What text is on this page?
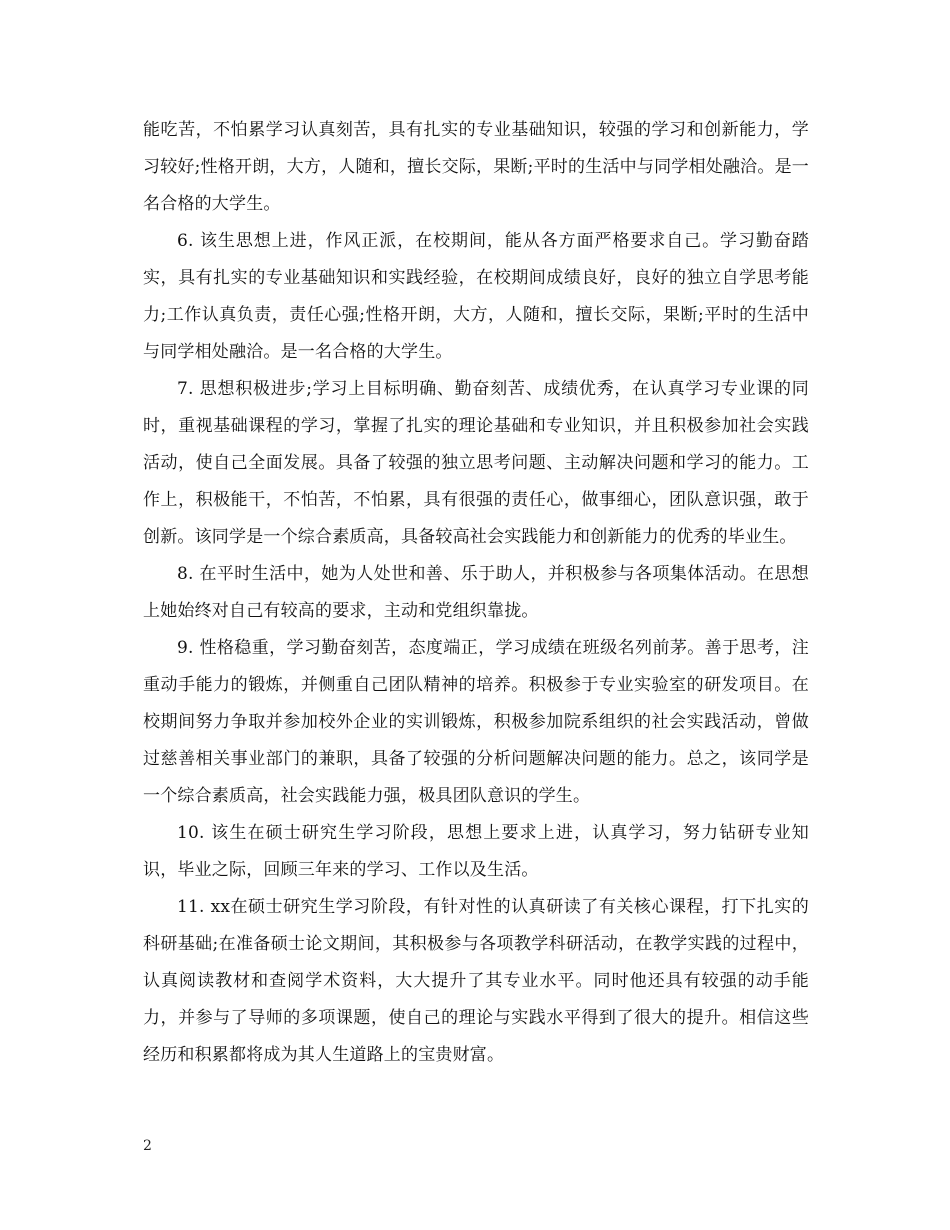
能吃苦，不怕累学习认真刻苦，具有扎实的专业基础知识，较强的学习和创新能力，学习较好;性格开朗，大方，人随和，擅长交际，果断;平时的生活中与同学相处融洽。是一名合格的大学生。

6. 该生思想上进，作风正派，在校期间，能从各方面严格要求自己。学习勤奋踏实，具有扎实的专业基础知识和实践经验，在校期间成绩良好，良好的独立自学思考能力;工作认真负责，责任心强;性格开朗，大方，人随和，擅长交际，果断;平时的生活中与同学相处融洽。是一名合格的大学生。

7. 思想积极进步;学习上目标明确、勤奋刻苦、成绩优秀，在认真学习专业课的同时，重视基础课程的学习，掌握了扎实的理论基础和专业知识，并且积极参加社会实践活动，使自己全面发展。具备了较强的独立思考问题、主动解决问题和学习的能力。工作上，积极能干，不怕苦，不怕累，具有很强的责任心，做事细心，团队意识强，敢于创新。该同学是一个综合素质高，具备较高社会实践能力和创新能力的优秀的毕业生。

8. 在平时生活中，她为人处世和善、乐于助人，并积极参与各项集体活动。在思想上她始终对自己有较高的要求，主动和党组织靠拢。

9. 性格稳重，学习勤奋刻苦，态度端正，学习成绩在班级名列前茅。善于思考，注重动手能力的锻炼，并侧重自己团队精神的培养。积极参于专业实验室的研发项目。在校期间努力争取并参加校外企业的实训锻炼，积极参加院系组织的社会实践活动，曾做过慈善相关事业部门的兼职，具备了较强的分析问题解决问题的能力。总之，该同学是一个综合素质高，社会实践能力强，极具团队意识的学生。

10. 该生在硕士研究生学习阶段，思想上要求上进，认真学习，努力钻研专业知识，毕业之际，回顾三年来的学习、工作以及生活。

11. xx在硕士研究生学习阶段，有针对性的认真研读了有关核心课程，打下扎实的科研基础;在准备硕士论文期间，其积极参与各项教学科研活动，在教学实践的过程中，认真阅读教材和查阅学术资料，大大提升了其专业水平。同时他还具有较强的动手能力，并参与了导师的多项课题，使自己的理论与实践水平得到了很大的提升。相信这些经历和积累都将成为其人生道路上的宝贵财富。

2
